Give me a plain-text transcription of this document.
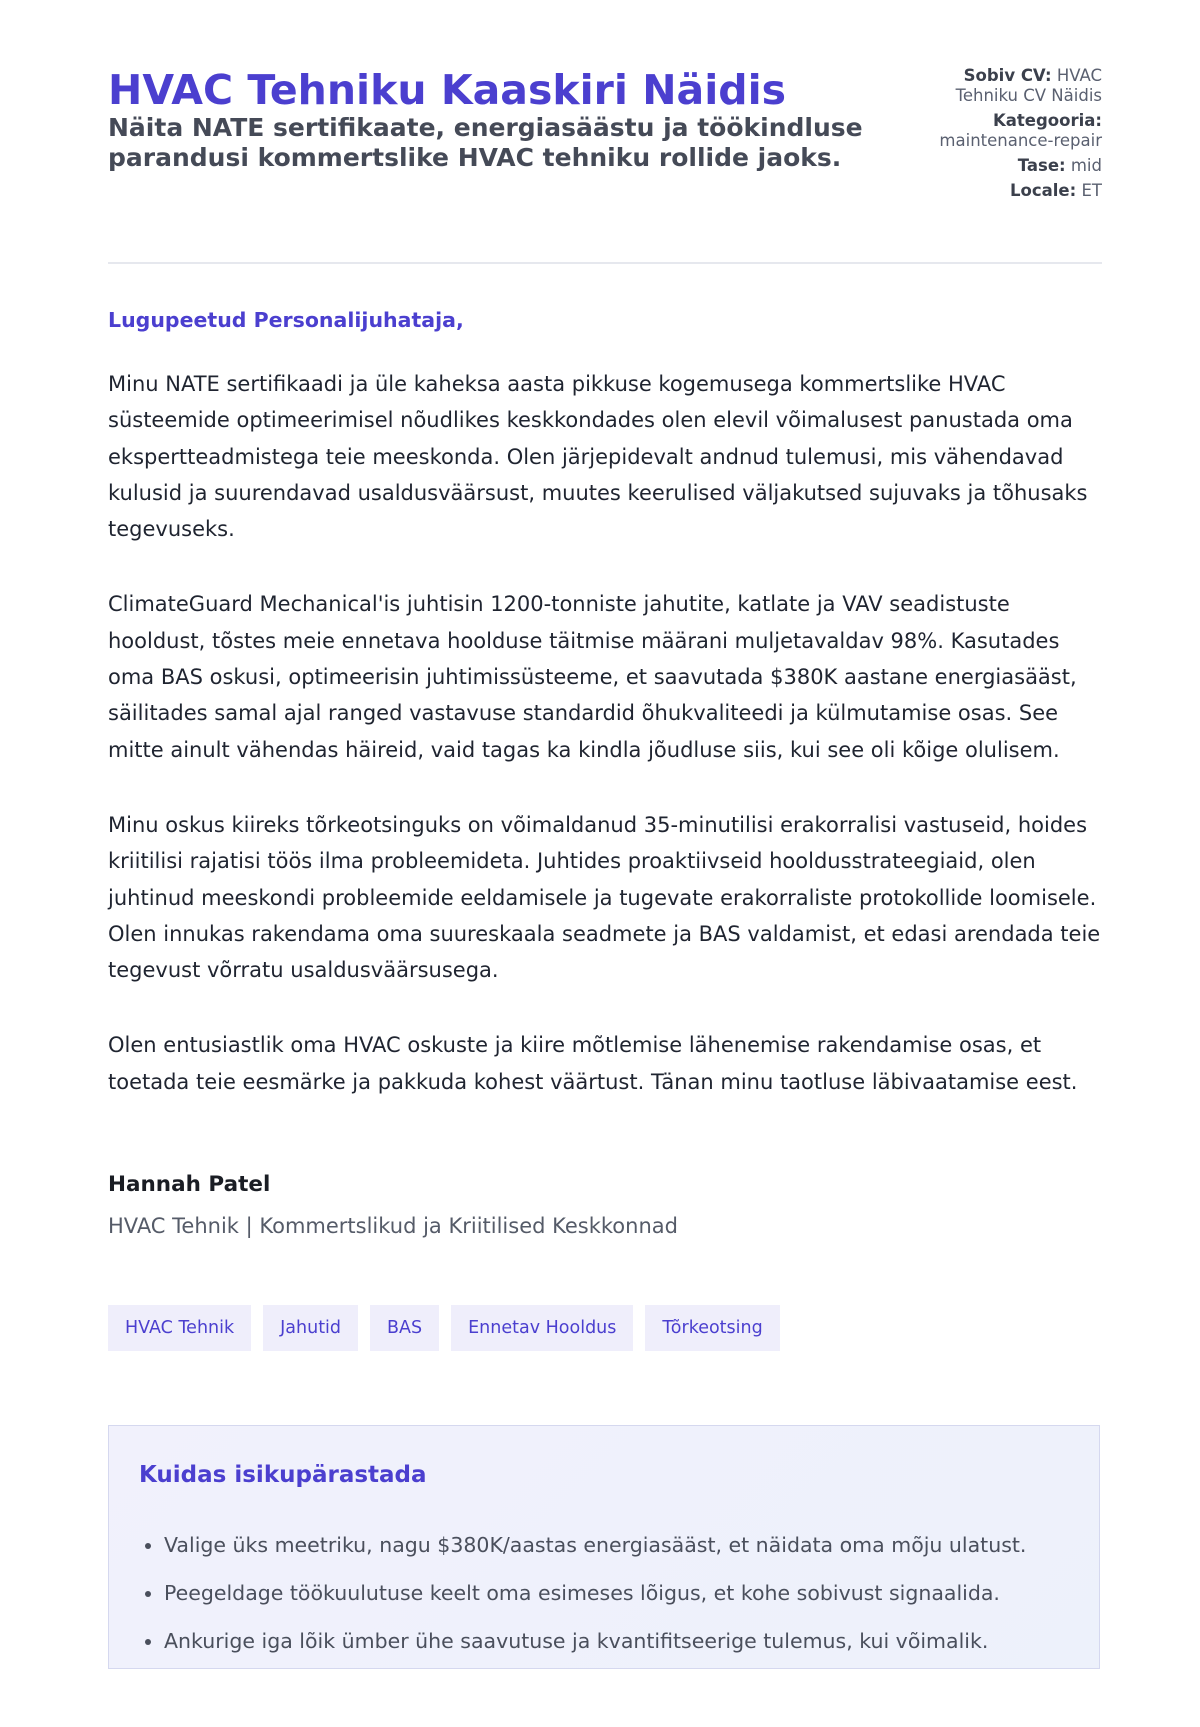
HVAC Tehniku Kaaskiri Näidis
Näita NATE sertifikaate, energiasäästu ja töökindluse parandusi kommertslike HVAC tehniku rollide jaoks.
Sobiv CV: HVAC Tehniku CV Näidis
Kategooria:
maintenance-repair
Tase: mid
Locale: ET
Lugupeetud Personalijuhataja,

Minu NATE sertifikaadi ja üle kaheksa aasta pikkuse kogemusega kommertslike HVAC süsteemide optimeerimisel nõudlikes keskkondades olen elevil võimalusest panustada oma ekspertteadmistega teie meeskonda. Olen järjepidevalt andnud tulemusi, mis vähendavad kulusid ja suurendavad usaldusväärsust, muutes keerulised väljakutsed sujuvaks ja tõhusaks tegevuseks.

ClimateGuard Mechanical'is juhtisin 1200-tonniste jahutite, katlate ja VAV seadistuste hooldust, tõstes meie ennetava hoolduse täitmise määrani muljetavaldav 98%. Kasutades oma BAS oskusi, optimeerisin juhtimissüsteeme, et saavutada $380K aastane energiasääst, säilitades samal ajal ranged vastavuse standardid õhukvaliteedi ja külmutamise osas. See mitte ainult vähendas häireid, vaid tagas ka kindla jõudluse siis, kui see oli kõige olulisem.

Minu oskus kiireks tõrkeotsinguks on võimaldanud 35-minutilisi erakorralisi vastuseid, hoides kriitilisi rajatisi töös ilma probleemideta. Juhtides proaktiivseid hooldusstrateegiaid, olen juhtinud meeskondi probleemide eeldamisele ja tugevate erakorraliste protokollide loomisele. Olen innukas rakendama oma suureskaala seadmete ja BAS valdamist, et edasi arendada teie tegevust võrratu usaldusväärsusega.

Olen entusiastlik oma HVAC oskuste ja kiire mõtlemise lähenemise rakendamise osas, et toetada teie eesmärke ja pakkuda kohest väärtust. Tänan minu taotluse läbivaatamise eest.

Hannah Patel
HVAC Tehnik | Kommertslikud ja Kriitilised Keskkonnad
HVAC Tehnik	Jahutid	BAS	Ennetav Hooldus	Tõrkeotsing
Kuidas isikupärastada
• Valige üks meetriku, nagu $380K/aastas energiasääst, et näidata oma mõju ulatust.
• Peegeldage töökuulutuse keelt oma esimeses lõigus, et kohe sobivust signaalida.
• Ankurige iga lõik ümber ühe saavutuse ja kvantifitseerige tulemus, kui võimalik.
